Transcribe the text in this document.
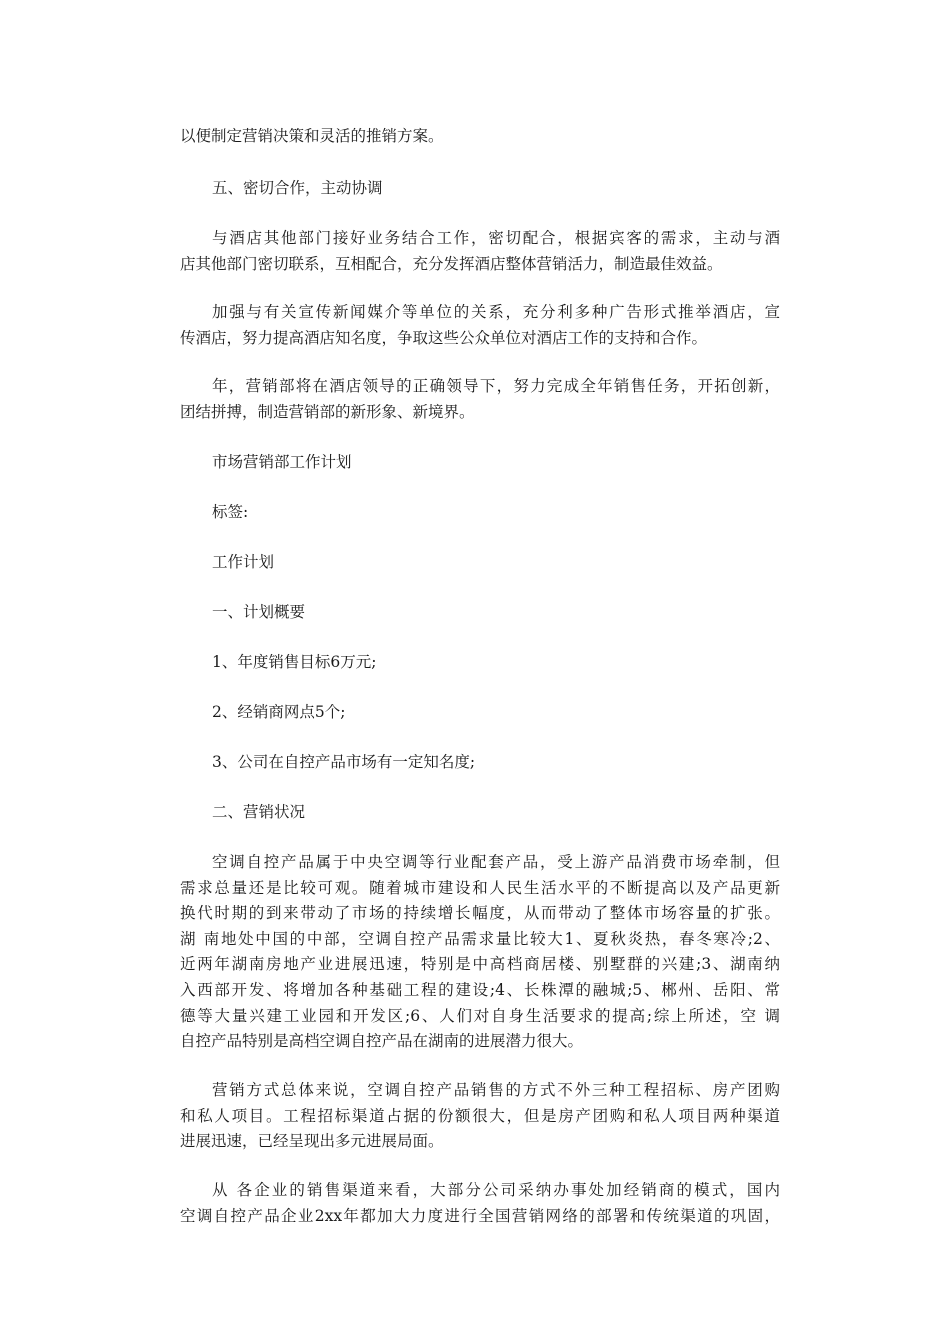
以便制定营销决策和灵活的推销方案。
五、密切合作，主动协调
与酒店其他部门接好业务结合工作，密切配合，根据宾客的需求，主动与酒
店其他部门密切联系，互相配合，充分发挥酒店整体营销活力，制造最佳效益。
加强与有关宣传新闻媒介等单位的关系，充分利多种广告形式推举酒店，宣
传酒店，努力提高酒店知名度，争取这些公众单位对酒店工作的支持和合作。
年，营销部将在酒店领导的正确领导下，努力完成全年销售任务，开拓创新，
团结拼搏，制造营销部的新形象、新境界。
市场营销部工作计划
标签:
工作计划
一、计划概要
1、年度销售目标6万元;
2、经销商网点5个;
3、公司在自控产品市场有一定知名度;
二、营销状况
空调自控产品属于中央空调等行业配套产品，受上游产品消费市场牵制，但
需求总量还是比较可观。随着城市建设和人民生活水平的不断提高以及产品更新
换代时期的到来带动了市场的持续增长幅度，从而带动了整体市场容量的扩张。
湖 南地处中国的中部，空调自控产品需求量比较大1、夏秋炎热，春冬寒冷;2、
近两年湖南房地产业进展迅速，特别是中高档商居楼、别墅群的兴建;3、湖南纳
入西部开发、将增加各种基础工程的建设;4、长株潭的融城;5、郴州、岳阳、常
德等大量兴建工业园和开发区;6、人们对自身生活要求的提高;综上所述，空 调
自控产品特别是高档空调自控产品在湖南的进展潜力很大。
营销方式总体来说，空调自控产品销售的方式不外三种工程招标、房产团购
和私人项目。工程招标渠道占据的份额很大，但是房产团购和私人项目两种渠道
进展迅速，已经呈现出多元进展局面。
从 各企业的销售渠道来看，大部分公司采纳办事处加经销商的模式，国内
空调自控产品企业2xx年都加大力度进行全国营销网络的部署和传统渠道的巩固，
